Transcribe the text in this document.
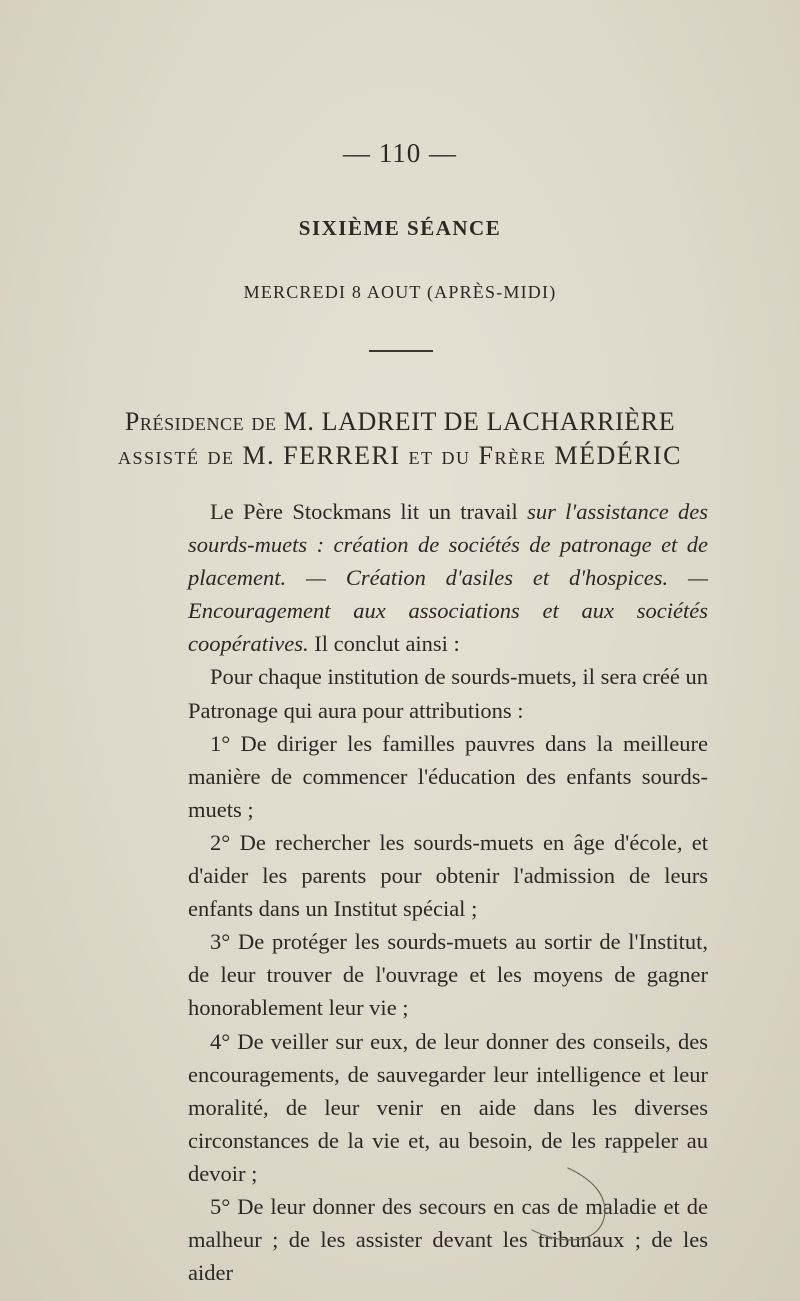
— 110 —
SIXIÈME SÉANCE
MERCREDI 8 AOUT (APRÈS-MIDI)
Présidence de M. LADREIT DE LACHARRIÈRE
assisté de M. FERRERI et du Frère MÉDÉRIC

Le Père Stockmans lit un travail sur l'assistance des sourds-muets : création de sociétés de patronage et de placement. — Création d'asiles et d'hospices. — Encouragement aux associations et aux sociétés coopératives. Il conclut ainsi :

Pour chaque institution de sourds-muets, il sera créé un Patronage qui aura pour attributions :

1° De diriger les familles pauvres dans la meilleure manière de commencer l'éducation des enfants sourds-muets ;

2° De rechercher les sourds-muets en âge d'école, et d'aider les parents pour obtenir l'admission de leurs enfants dans un Institut spécial ;

3° De protéger les sourds-muets au sortir de l'Institut, de leur trouver de l'ouvrage et les moyens de gagner honorablement leur vie ;

4° De veiller sur eux, de leur donner des conseils, des encouragements, de sauvegarder leur intelligence et leur moralité, de leur venir en aide dans les diverses circonstances de la vie et, au besoin, de les rappeler au devoir ;

5° De leur donner des secours en cas de maladie et de malheur ; de les assister devant les tribunaux ; de les aider
